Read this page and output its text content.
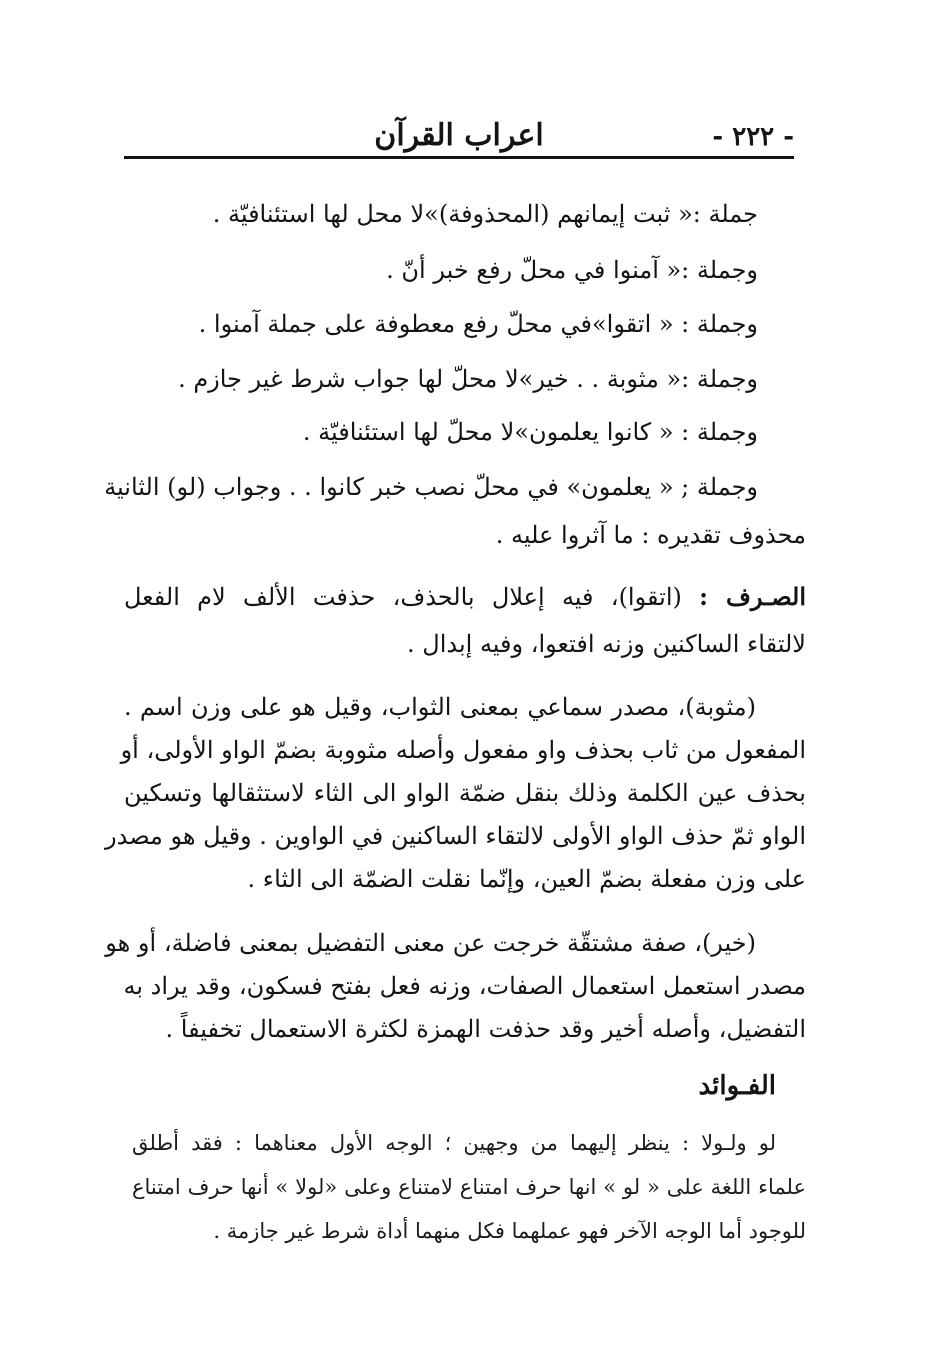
- ٢٢٢ -
اعراب القرآن
جملة :« ثبت إيمانهم (المحذوفة)»لا محل لها استئنافيّة .
وجملة :« آمنوا في محلّ رفع خبر أنّ .
وجملة : « اتقوا»في محلّ رفع معطوفة على جملة آمنوا .
وجملة :« مثوبة . . خير»لا محلّ لها جواب شرط غير جازم .
وجملة : « كانوا يعلمون»لا محلّ لها استئنافيّة .
وجملة ; « يعلمون» في محلّ نصب خبر كانوا . . وجواب (لو) الثانية
محذوف تقديره : ما آثروا عليه .
الصـرف : (اتقوا)، فيه إعلال بالحذف، حذفت الألف لام الفعل
لالتقاء الساكنين وزنه افتعوا، وفيه إبدال .
(مثوبة)، مصدر سماعي بمعنى الثواب، وقيل هو على وزن اسم .
المفعول من ثاب بحذف واو مفعول وأصله مثووبة بضمّ الواو الأولى، أو
بحذف عين الكلمة وذلك بنقل ضمّة الواو الى الثاء لاستثقالها وتسكين
الواو ثمّ حذف الواو الأولى لالتقاء الساكنين في الواوين . وقيل هو مصدر
على وزن مفعلة بضمّ العين، وإنّما نقلت الضمّة الى الثاء .
(خير)، صفة مشتقّة خرجت عن معنى التفضيل بمعنى فاضلة، أو هو
مصدر استعمل استعمال الصفات، وزنه فعل بفتح فسكون، وقد يراد به
التفضيل، وأصله أخير وقد حذفت الهمزة لكثرة الاستعمال تخفيفاً .
الفـوائد
لو ولـولا : ينظر إليهما من وجهين ؛ الوجه الأول معناهما : فقد أطلق
علماء اللغة على « لو » انها حرف امتناع لامتناع وعلى «لولا » أنها حرف امتناع
للوجود أما الوجه الآخر فهو عملهما فكل منهما أداة شرط غير جازمة .
